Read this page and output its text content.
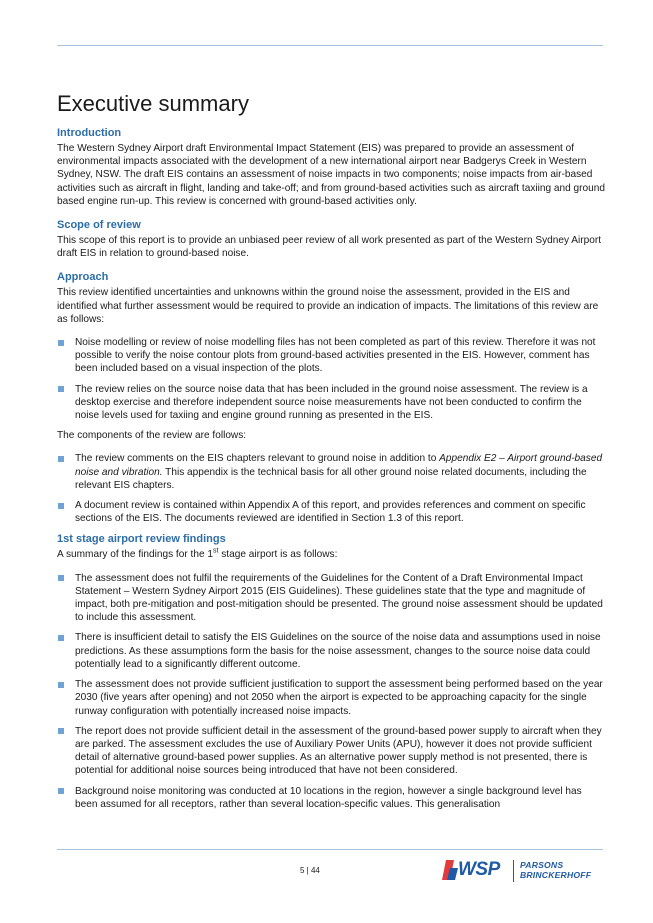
Executive summary
Introduction

The Western Sydney Airport draft Environmental Impact Statement (EIS) was prepared to provide an assessment of environmental impacts associated with the development of a new international airport near Badgerys Creek in Western Sydney, NSW. The draft EIS contains an assessment of noise impacts in two components; noise impacts from air-based activities such as aircraft in flight, landing and take-off; and from ground-based activities such as aircraft taxiing and ground based engine run-up. This review is concerned with ground-based activities only.

Scope of review

This scope of this report is to provide an unbiased peer review of all work presented as part of the Western Sydney Airport draft EIS in relation to ground-based noise.

Approach

This review identified uncertainties and unknowns within the ground noise the assessment, provided in the EIS and identified what further assessment would be required to provide an indication of impacts. The limitations of this review are as follows:

Noise modelling or review of noise modelling files has not been completed as part of this review. Therefore it was not possible to verify the noise contour plots from ground-based activities presented in the EIS. However, comment has been included based on a visual inspection of the plots.
The review relies on the source noise data that has been included in the ground noise assessment. The review is a desktop exercise and therefore independent source noise measurements have not been conducted to confirm the noise levels used for taxiing and engine ground running as presented in the EIS.

The components of the review are follows:

The review comments on the EIS chapters relevant to ground noise in addition to Appendix E2 – Airport ground-based noise and vibration. This appendix is the technical basis for all other ground noise related documents, including the relevant EIS chapters.
A document review is contained within Appendix A of this report, and provides references and comment on specific sections of the EIS. The documents reviewed are identified in Section 1.3 of this report.
1st stage airport review findings

A summary of the findings for the 1st stage airport is as follows:

The assessment does not fulfil the requirements of the Guidelines for the Content of a Draft Environmental Impact Statement – Western Sydney Airport 2015 (EIS Guidelines). These guidelines state that the type and magnitude of impact, both pre-mitigation and post-mitigation should be presented. The ground noise assessment should be updated to include this assessment.
There is insufficient detail to satisfy the EIS Guidelines on the source of the noise data and assumptions used in noise predictions. As these assumptions form the basis for the noise assessment, changes to the source noise data could potentially lead to a significantly different outcome.
The assessment does not provide sufficient justification to support the assessment being performed based on the year 2030 (five years after opening) and not 2050 when the airport is expected to be approaching capacity for the single runway configuration with potentially increased noise impacts.
The report does not provide sufficient detail in the assessment of the ground-based power supply to aircraft when they are parked. The assessment excludes the use of Auxiliary Power Units (APU), however it does not provide sufficient detail of alternative ground-based power supplies. As an alternative power supply method is not presented, there is potential for additional noise sources being introduced that have not been considered.
Background noise monitoring was conducted at 10 locations in the region, however a single background level has been assumed for all receptors, rather than several location-specific values. This generalisation
5 | 44	WSP PARSONS
BRINCKERHOFF
